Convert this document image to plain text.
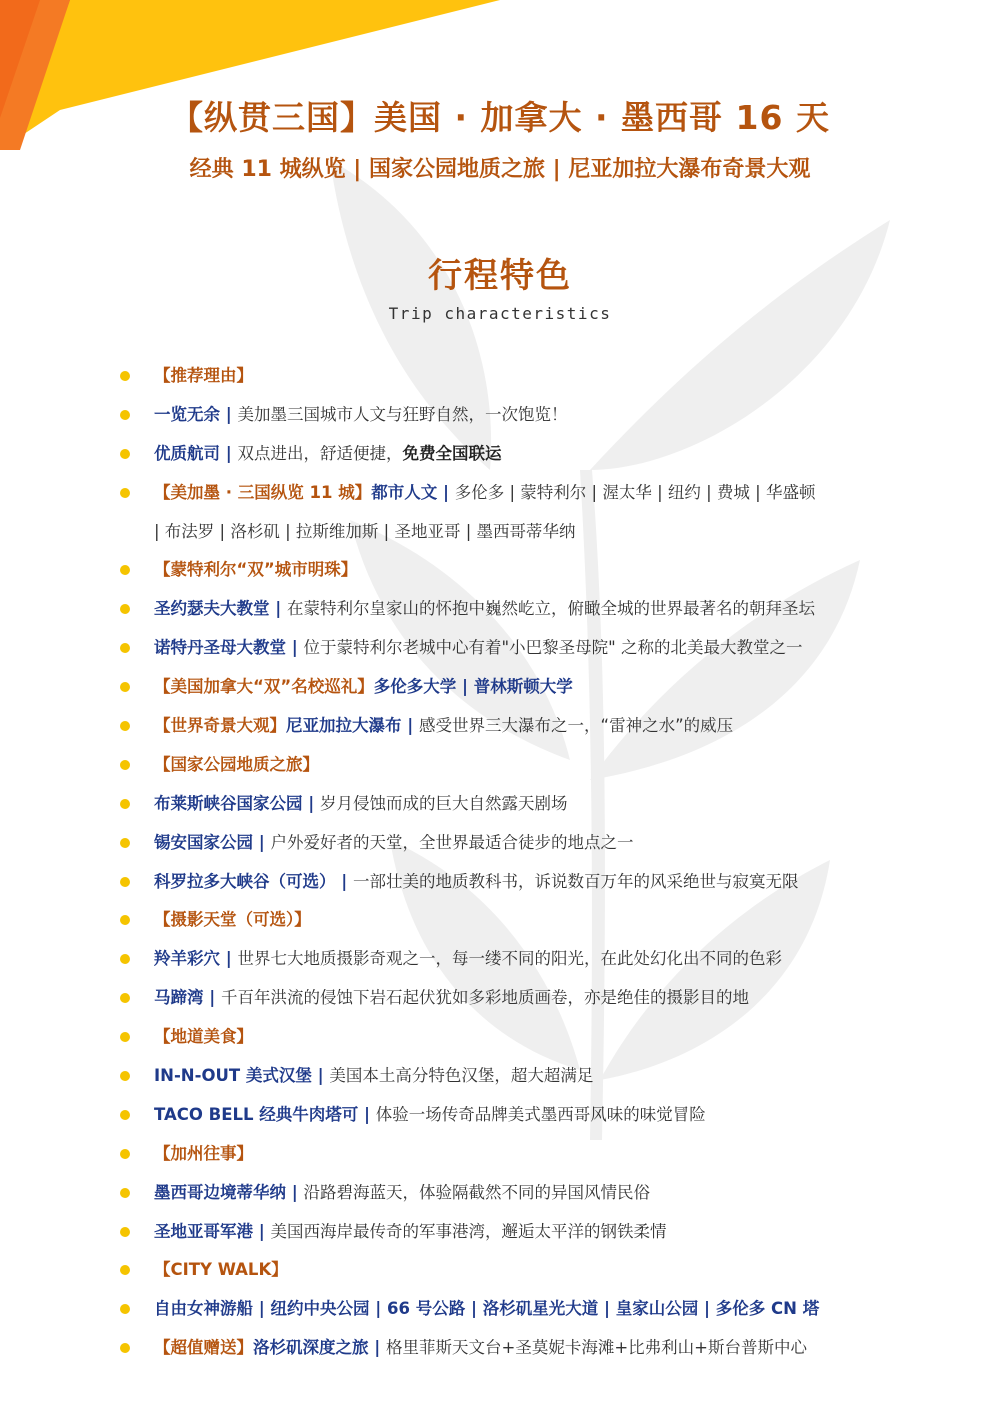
【纵贯三国】美国 · 加拿大 · 墨西哥 16 天
经典 11 城纵览 | 国家公园地质之旅 | 尼亚加拉大瀑布奇景大观
行程特色
Trip characteristics
【推荐理由】
一览无余 | 美加墨三国城市人文与狂野自然，一次饱览！
优质航司 | 双点进出，舒适便捷，免费全国联运
【美加墨 · 三国纵览 11 城】都市人文 | 多伦多 | 蒙特利尔 | 渥太华 | 纽约 | 费城 | 华盛顿
| 布法罗 | 洛杉矶 | 拉斯维加斯 | 圣地亚哥 | 墨西哥蒂华纳
【蒙特利尔“双”城市明珠】
圣约瑟夫大教堂 | 在蒙特利尔皇家山的怀抱中巍然屹立，俯瞰全城的世界最著名的朝拜圣坛
诺特丹圣母大教堂 | 位于蒙特利尔老城中心有着"小巴黎圣母院" 之称的北美最大教堂之一
【美国加拿大“双”名校巡礼】多伦多大学 | 普林斯顿大学
【世界奇景大观】尼亚加拉大瀑布 | 感受世界三大瀑布之一，“雷神之水”的威压
【国家公园地质之旅】
布莱斯峡谷国家公园 | 岁月侵蚀而成的巨大自然露天剧场
锡安国家公园 | 户外爱好者的天堂，全世界最适合徒步的地点之一
科罗拉多大峡谷（可选） | 一部壮美的地质教科书，诉说数百万年的风采绝世与寂寞无限
【摄影天堂（可选）】
羚羊彩穴 | 世界七大地质摄影奇观之一，每一缕不同的阳光，在此处幻化出不同的色彩
马蹄湾 | 千百年洪流的侵蚀下岩石起伏犹如多彩地质画卷，亦是绝佳的摄影目的地
【地道美食】
IN-N-OUT 美式汉堡 | 美国本土高分特色汉堡，超大超满足
TACO BELL 经典牛肉塔可 | 体验一场传奇品牌美式墨西哥风味的味觉冒险
【加州往事】
墨西哥边境蒂华纳 | 沿路碧海蓝天，体验隔截然不同的异国风情民俗
圣地亚哥军港 | 美国西海岸最传奇的军事港湾，邂逅太平洋的钢铁柔情
【CITY WALK】
自由女神游船 | 纽约中央公园 | 66 号公路 | 洛杉矶星光大道 | 皇家山公园 | 多伦多 CN 塔
【超值赠送】洛杉矶深度之旅 | 格里菲斯天文台+圣莫妮卡海滩+比弗利山+斯台普斯中心
